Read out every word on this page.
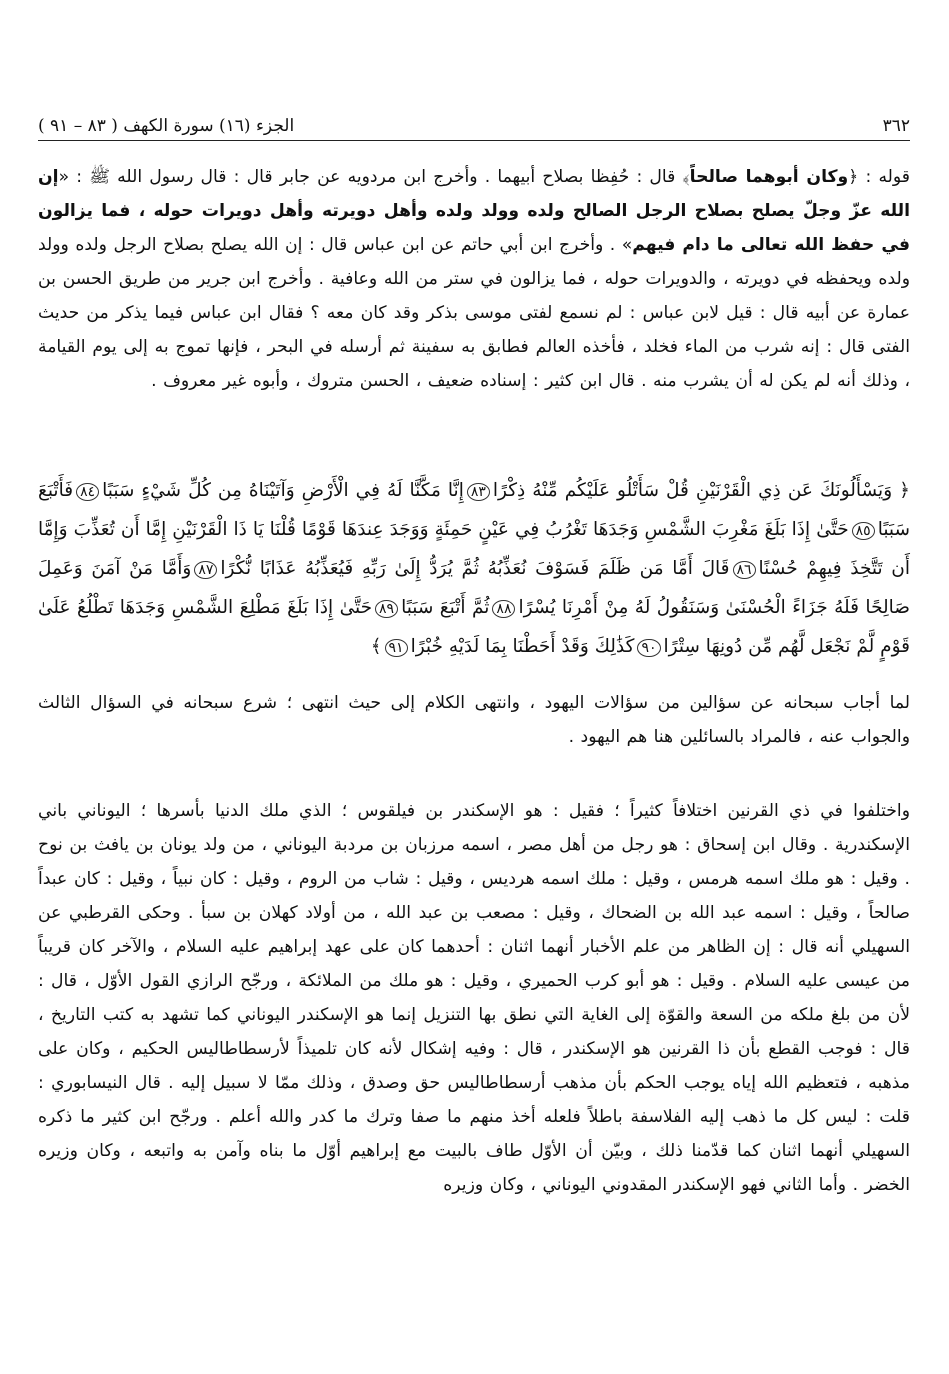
٣٦٢
الجزء (١٦) سورة الكهف ( ٨٣ – ٩١ )

قوله : ﴿وكان أبوهما صالحاً﴾ قال : حُفِظا بصلاح أبيهما . وأخرج ابن مردويه عن جابر قال : قال رسول الله ﷺ : «إن الله عزّ وجلّ يصلح بصلاح الرجل الصالح ولده وولد ولده وأهل دويرته وأهل دويرات حوله ، فما يزالون في حفظ الله تعالى ما دام فيهم» . وأخرج ابن أبي حاتم عن ابن عباس قال : إن الله يصلح بصلاح الرجل ولده وولد ولده ويحفظه في دويرته ، والدويرات حوله ، فما يزالون في ستر من الله وعافية . وأخرج ابن جرير من طريق الحسن بن عمارة عن أبيه قال : قيل لابن عباس : لم نسمع لفتى موسى بذكر وقد كان معه ؟ فقال ابن عباس فيما يذكر من حديث الفتى قال : إنه شرب من الماء فخلد ، فأخذه العالم فطابق به سفينة ثم أرسله في البحر ، فإنها تموج به إلى يوم القيامة ، وذلك أنه لم يكن له أن يشرب منه . قال ابن كثير : إسناده ضعيف ، الحسن متروك ، وأبوه غير معروف .

﴿ وَيَسْأَلُونَكَ عَن ذِي الْقَرْنَيْنِ قُلْ سَأَتْلُو عَلَيْكُم مِّنْهُ ذِكْرًا٨٣إِنَّا مَكَّنَّا لَهُ فِي الْأَرْضِ وَآتَيْنَاهُ مِن كُلِّ شَيْءٍ سَبَبًا٨٤فَأَتْبَعَ سَبَبًا٨٥حَتَّىٰ إِذَا بَلَغَ مَغْرِبَ الشَّمْسِ وَجَدَهَا تَغْرُبُ فِي عَيْنٍ حَمِئَةٍ وَوَجَدَ عِندَهَا قَوْمًا قُلْنَا يَا ذَا الْقَرْنَيْنِ إِمَّا أَن تُعَذِّبَ وَإِمَّا أَن تَتَّخِذَ فِيهِمْ حُسْنًا٨٦قَالَ أَمَّا مَن ظَلَمَ فَسَوْفَ نُعَذِّبُهُ ثُمَّ يُرَدُّ إِلَىٰ رَبِّهِ فَيُعَذِّبُهُ عَذَابًا نُّكْرًا٨٧وَأَمَّا مَنْ آمَنَ وَعَمِلَ صَالِحًا فَلَهُ جَزَاءً الْحُسْنَىٰ وَسَنَقُولُ لَهُ مِنْ أَمْرِنَا يُسْرًا٨٨ثُمَّ أَتْبَعَ سَبَبًا٨٩حَتَّىٰ إِذَا بَلَغَ مَطْلِعَ الشَّمْسِ وَجَدَهَا تَطْلُعُ عَلَىٰ قَوْمٍ لَّمْ نَجْعَل لَّهُم مِّن دُونِهَا سِتْرًا٩٠كَذَٰلِكَ وَقَدْ أَحَطْنَا بِمَا لَدَيْهِ خُبْرًا٩١﴾

لما أجاب سبحانه عن سؤالين من سؤالات اليهود ، وانتهى الكلام إلى حيث انتهى ؛ شرع سبحانه في السؤال الثالث والجواب عنه ، فالمراد بالسائلين هنا هم اليهود .

واختلفوا في ذي القرنين اختلافاً كثيراً ؛ فقيل : هو الإسكندر بن فيلقوس ؛ الذي ملك الدنيا بأسرها ؛ اليوناني باني الإسكندرية . وقال ابن إسحاق : هو رجل من أهل مصر ، اسمه مرزبان بن مردبة اليوناني ، من ولد يونان بن يافث بن نوح . وقيل : هو ملك اسمه هرمس ، وقيل : ملك اسمه هرديس ، وقيل : شاب من الروم ، وقيل : كان نبياً ، وقيل : كان عبداً صالحاً ، وقيل : اسمه عبد الله بن الضحاك ، وقيل : مصعب بن عبد الله ، من أولاد كهلان بن سبأ . وحكى القرطبي عن السهيلي أنه قال : إن الظاهر من علم الأخبار أنهما اثنان : أحدهما كان على عهد إبراهيم عليه السلام ، والآخر كان قريباً من عيسى عليه السلام . وقيل : هو أبو كرب الحميري ، وقيل : هو ملك من الملائكة ، ورجّح الرازي القول الأوّل ، قال : لأن من بلغ ملكه من السعة والقوّة إلى الغاية التي نطق بها التنزيل إنما هو الإسكندر اليوناني كما تشهد به كتب التاريخ ، قال : فوجب القطع بأن ذا القرنين هو الإسكندر ، قال : وفيه إشكال لأنه كان تلميذاً لأرسطاطاليس الحكيم ، وكان على مذهبه ، فتعظيم الله إياه يوجب الحكم بأن مذهب أرسطاطاليس حق وصدق ، وذلك ممّا لا سبيل إليه . قال النيسابوري : قلت : ليس كل ما ذهب إليه الفلاسفة باطلاً فلعله أخذ منهم ما صفا وترك ما كدر والله أعلم . ورجّح ابن كثير ما ذكره السهيلي أنهما اثنان كما قدّمنا ذلك ، وبيّن أن الأوّل طاف بالبيت مع إبراهيم أوّل ما بناه وآمن به واتبعه ، وكان وزيره الخضر . وأما الثاني فهو الإسكندر المقدوني اليوناني ، وكان وزيره
